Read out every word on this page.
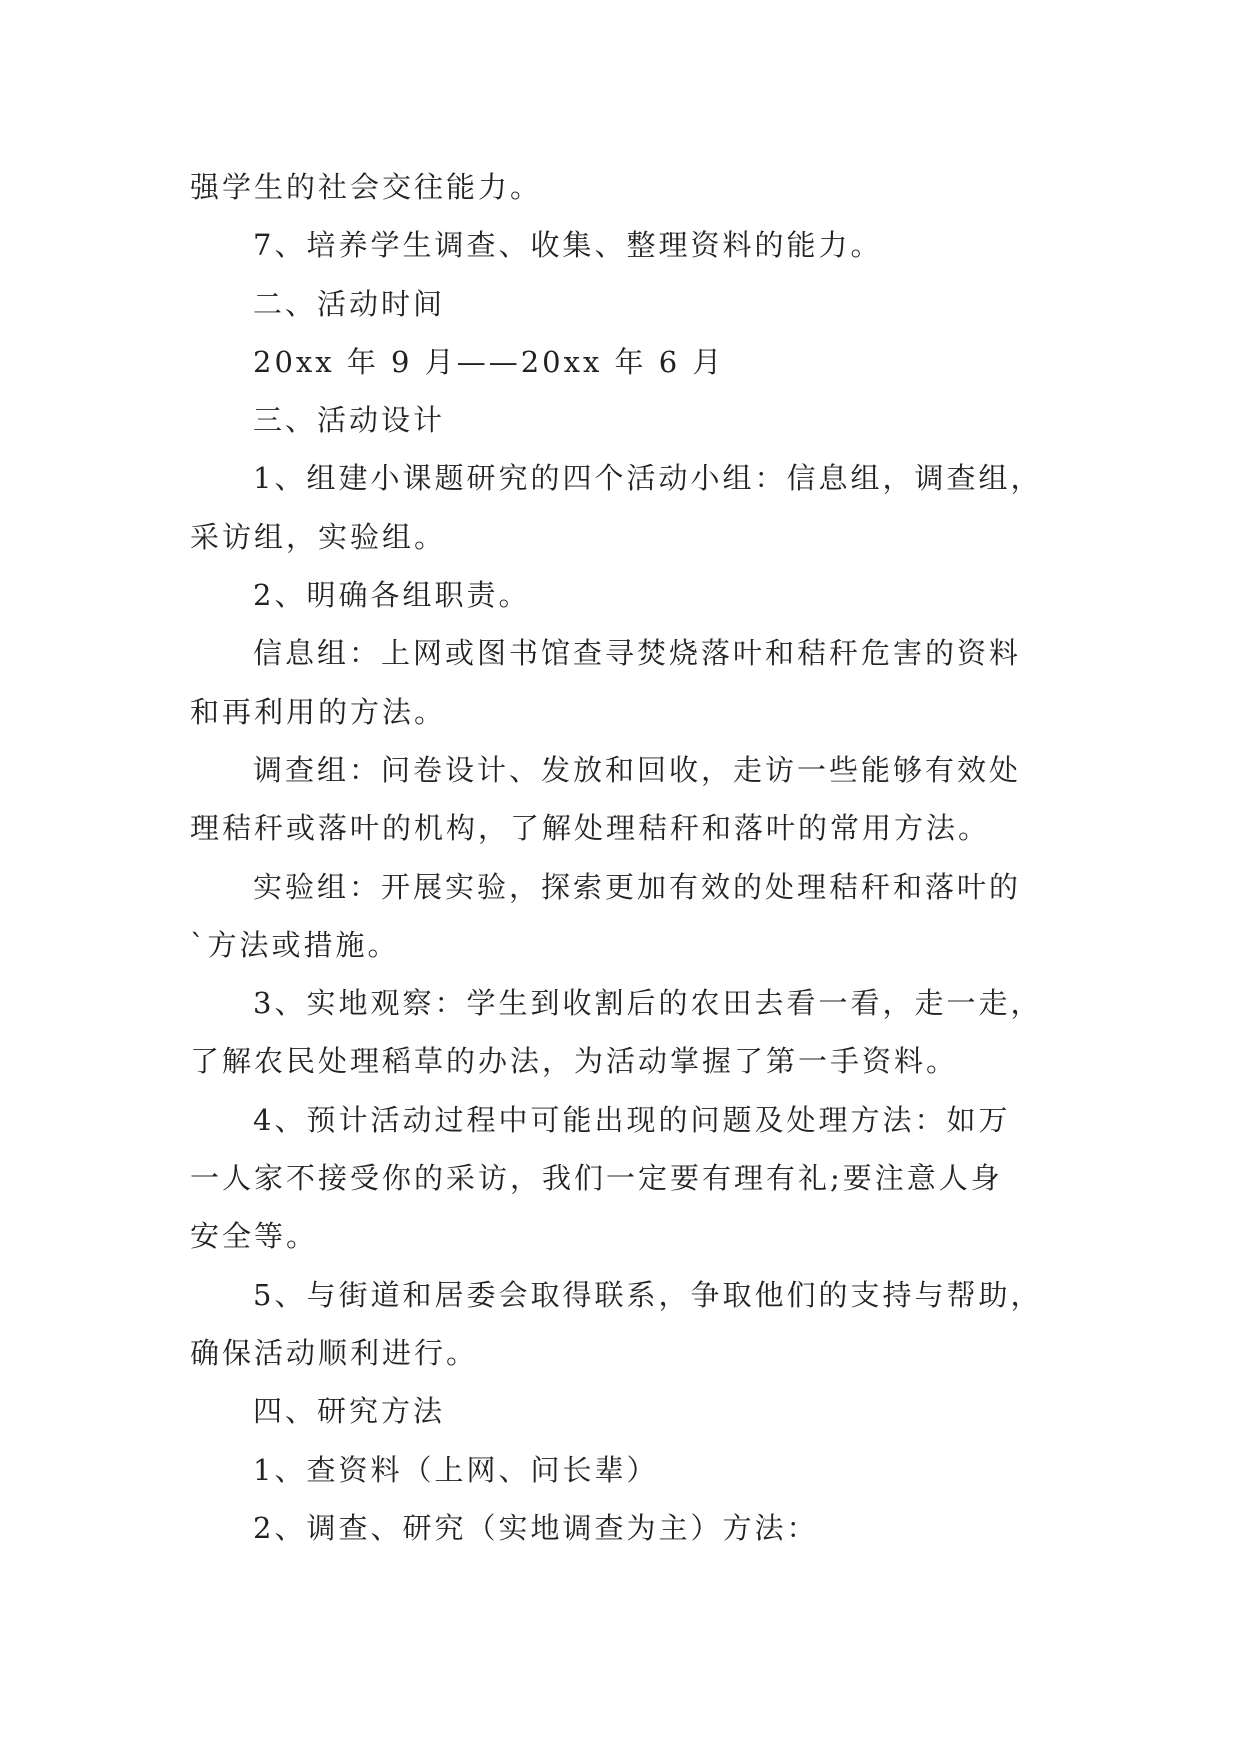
强学生的社会交往能力。
7、培养学生调查、收集、整理资料的能力。
二、活动时间
20xx 年 9 月——20xx 年 6 月
三、活动设计
1、组建小课题研究的四个活动小组：信息组，调查组，
采访组，实验组。
2、明确各组职责。
信息组：上网或图书馆查寻焚烧落叶和秸秆危害的资料
和再利用的方法。
调查组：问卷设计、发放和回收，走访一些能够有效处
理秸秆或落叶的机构，了解处理秸秆和落叶的常用方法。
实验组：开展实验，探索更加有效的处理秸秆和落叶的
`方法或措施。
3、实地观察：学生到收割后的农田去看一看，走一走，
了解农民处理稻草的办法，为活动掌握了第一手资料。
4、预计活动过程中可能出现的问题及处理方法：如万
一人家不接受你的采访，我们一定要有理有礼;要注意人身
安全等。
5、与街道和居委会取得联系，争取他们的支持与帮助，
确保活动顺利进行。
四、研究方法
1、查资料（上网、问长辈）
2、调查、研究（实地调查为主）方法：
